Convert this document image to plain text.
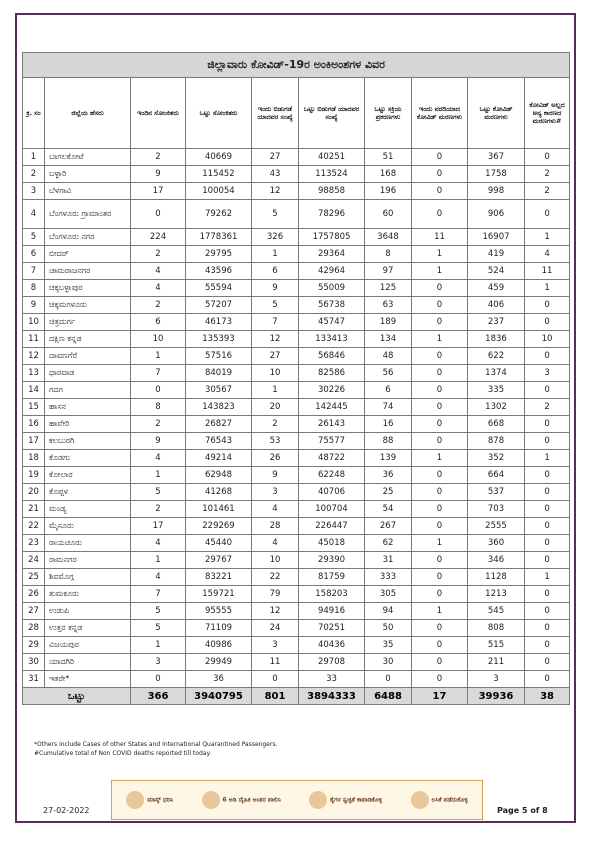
ಜಿಲ್ಲಾವಾರು ಕೋವಿಡ್-19ರ ಅಂಕಿಅಂಶಗಳ ವಿವರ									
ಕ್ರ. ಸಂ	ಜಿಲ್ಲೆಯ ಹೆಸರು	ಇಂದಿನ ಸೋಂಕಿತರು	ಒಟ್ಟು ಸೋಂಕಿತರು	ಇಂದು ಬಿಡುಗಡೆ ಯಾದವರ ಸಂಖ್ಯೆ	ಒಟ್ಟು ಬಿಡುಗಡೆ ಯಾದವರ ಸಂಖ್ಯೆ	ಒಟ್ಟು ಸಕ್ರಿಯ ಪ್ರಕರಣಗಳು	ಇಂದು ವರದಿಯಾದ ಕೋವಿಡ್ ಮರಣಗಳು	ಒಟ್ಟು ಕೋವಿಡ್ ಮರಣಗಳು	ಕೋವಿಡ್ ಅಲ್ಲದ ಅನ್ಯ ಕಾರಣದ ಮರಣಗಳು#
1	ಬಾಗಲಕೋಟೆ	2	40669	27	40251	51	0	367	0
2	ಬಳ್ಳಾರಿ	9	115452	43	113524	168	0	1758	2
3	ಬೆಳಗಾವಿ	17	100054	12	98858	196	0	998	2
4	ಬೆಂಗಳೂರು ಗ್ರಾಮಾಂತರ	0	79262	5	78296	60	0	906	0
5	ಬೆಂಗಳೂರು ನಗರ	224	1778361	326	1757805	3648	11	16907	1
6	ಬೀದರ್	2	29795	1	29364	8	1	419	4
7	ಚಾಮರಾಜನಗರ	4	43596	6	42964	97	1	524	11
8	ಚಿಕ್ಕಬಳ್ಳಾಪುರ	4	55594	9	55009	125	0	459	1
9	ಚಿಕ್ಕಮಗಳೂರು	2	57207	5	56738	63	0	406	0
10	ಚಿತ್ರದುರ್ಗ	6	46173	7	45747	189	0	237	0
11	ದಕ್ಷಿಣ ಕನ್ನಡ	10	135393	12	133413	134	1	1836	10
12	ದಾವಣಗೆರೆ	1	57516	27	56846	48	0	622	0
13	ಧಾರವಾಡ	7	84019	10	82586	56	0	1374	3
14	ಗದಗ	0	30567	1	30226	6	0	335	0
15	ಹಾಸನ	8	143823	20	142445	74	0	1302	2
16	ಹಾವೇರಿ	2	26827	2	26143	16	0	668	0
17	ಕಲಬುರಗಿ	9	76543	53	75577	88	0	878	0
18	ಕೊಡಗು	4	49214	26	48722	139	1	352	1
19	ಕೋಲಾರ	1	62948	9	62248	36	0	664	0
20	ಕೊಪ್ಪಳ	5	41268	3	40706	25	0	537	0
21	ಮಂಡ್ಯ	2	101461	4	100704	54	0	703	0
22	ಮೈಸೂರು	17	229269	28	226447	267	0	2555	0
23	ರಾಯಚೂರು	4	45440	4	45018	62	1	360	0
24	ರಾಮನಗರ	1	29767	10	29390	31	0	346	0
25	ಶಿವಮೊಗ್ಗ	4	83221	22	81759	333	0	1128	1
26	ತುಮಕೂರು	7	159721	79	158203	305	0	1213	0
27	ಉಡುಪಿ	5	95555	12	94916	94	1	545	0
28	ಉತ್ತರ ಕನ್ನಡ	5	71109	24	70251	50	0	808	0
29	ವಿಜಯಪುರ	1	40986	3	40436	35	0	515	0
30	ಯಾದಗಿರಿ	3	29949	11	29708	30	0	211	0
31	ಇತರೇ*	0	36	0	33	0	0	3	0
ಒಟ್ಟು		366	3940795	801	3894333	6488	17	39936	38
*Others include Cases of other States and International Quarantined Passengers.
#Cumulative total of Non COVID deaths reported till today.
ಮಾಸ್ಕ್ ಧರಿಸಿ	6 ಅಡಿ ದೈಹಿಕ ಅಂತರ ಪಾಲಿಸಿ	ಕೈಗಳ ಸ್ವಚ್ಛತೆ ಕಾಪಾಡಿಕೊಳ್ಳಿ	ಲಸಿಕೆ ಪಡೆದುಕೊಳ್ಳಿ
27-02-2022	Page 5 of 8
